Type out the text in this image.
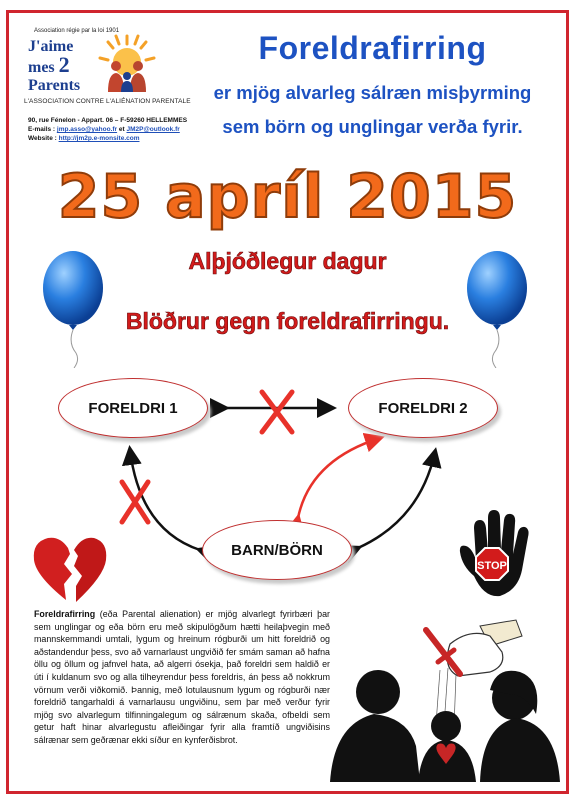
Association régie par la loi 1901
J'aime
mes 2
Parents
L'ASSOCIATION CONTRE L'ALIÉNATION PARENTALE
90, rue Fénelon - Appart. 06 – F-59260 HELLEMMES
E-mails : jmp.asso@yahoo.fr et JM2P@outlook.fr
Website : http://jm2p.e-monsite.com
Foreldrafirring
er mjög alvarleg sálræn misþyrming
sem börn og unglingar verða fyrir.
25 apríl 2015
Alþjóðlegur dagur
Blöðrur gegn foreldrafirringu.
FORELDRI 1	FORELDRI 2
BARN/BÖRN
STOP
Foreldrafirring (eða Parental alienation) er mjög alvarlegt fyrirbæri þar sem unglingar og eða börn eru með skipulögðum hætti heilaþvegin með mannskemmandi umtali, lygum og hreinum rógburði um hitt foreldrið og aðstandendur þess, svo að varnarlaust ungviðið fer smám saman að hafna öllu og öllum og jafnvel hata, að algerri ósekja, það foreldri sem haldið er úti í kuldanum svo og alla tilheyrendur þess foreldris, án þess að nokkrum vörnum verði viðkomið. Þannig, með lotulausnum lygum og rógburði nær foreldrið tangarhaldi á varnarlausu ungviðinu, sem þar með verður fyrir mjög svo alvarlegum tilfinningalegum og sálrænum skaða, ofbeldi sem getur haft hinar alvarlegustu afleiðingar fyrir alla framtíð ungviðisins sálrænar sem geðrænar ekki síður en kynferðisbrot.
